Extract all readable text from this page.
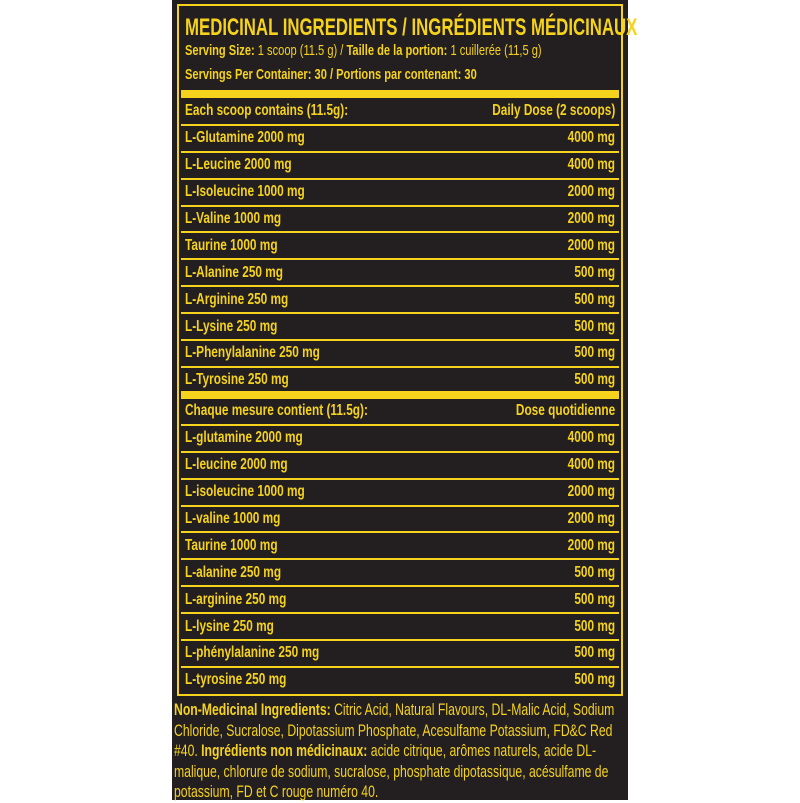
MEDICINAL INGREDIENTS / INGRÉDIENTS MÉDICINAUX
Serving Size: 1 scoop (11.5 g) / Taille de la portion: 1 cuillerée (11,5 g)
Servings Per Container: 30 / Portions par contenant: 30
Each scoop contains (11.5g):	Daily Dose (2 scoops)
L-Glutamine 2000 mg	4000 mg
L-Leucine 2000 mg	4000 mg
L-Isoleucine 1000 mg	2000 mg
L-Valine 1000 mg	2000 mg
Taurine 1000 mg	2000 mg
L-Alanine 250 mg	500 mg
L-Arginine 250 mg	500 mg
L-Lysine 250 mg	500 mg
L-Phenylalanine 250 mg	500 mg
L-Tyrosine 250 mg	500 mg
Chaque mesure contient (11.5g):	Dose quotidienne
L-glutamine 2000 mg	4000 mg
L-leucine 2000 mg	4000 mg
L-isoleucine 1000 mg	2000 mg
L-valine 1000 mg	2000 mg
Taurine 1000 mg	2000 mg
L-alanine 250 mg	500 mg
L-arginine 250 mg	500 mg
L-lysine 250 mg	500 mg
L-phénylalanine 250 mg	500 mg
L-tyrosine 250 mg	500 mg
Non-Medicinal Ingredients: Citric Acid, Natural Flavours, DL-Malic Acid, Sodium Chloride, Sucralose, Dipotassium Phosphate, Acesulfame Potassium, FD&C Red #40. Ingrédients non médicinaux: acide citrique, arômes naturels, acide DL-malique, chlorure de sodium, sucralose, phosphate dipotassique, acésulfame de potassium, FD et C rouge numéro 40.
